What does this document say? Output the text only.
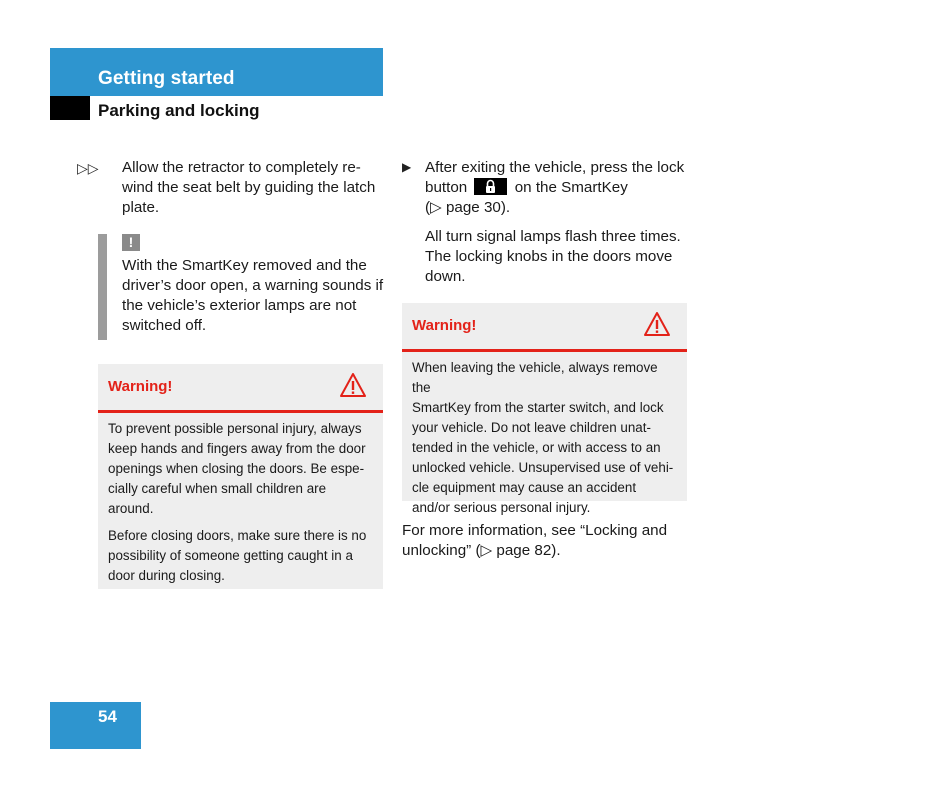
Getting started
Parking and locking
▷▷ Allow the retractor to completely re-
wind the seat belt by guiding the latch
plate.
!
With the SmartKey removed and the
driver’s door open, a warning sounds if
the vehicle’s exterior lamps are not
switched off.
Warning!

To prevent possible personal injury, always
keep hands and fingers away from the door
openings when closing the doors. Be espe-
cially careful when small children are
around.

Before closing doors, make sure there is no
possibility of someone getting caught in a
door during closing.

▶ After exiting the vehicle, press the lock
button	on the SmartKey
(▷ page 30).
All turn signal lamps flash three times.
The locking knobs in the doors move
down.
Warning!

When leaving the vehicle, always remove the
SmartKey from the starter switch, and lock
your vehicle. Do not leave children unat-
tended in the vehicle, or with access to an
unlocked vehicle. Unsupervised use of vehi-
cle equipment may cause an accident
and/or serious personal injury.

For more information, see “Locking and
unlocking” (▷ page 82).
54
